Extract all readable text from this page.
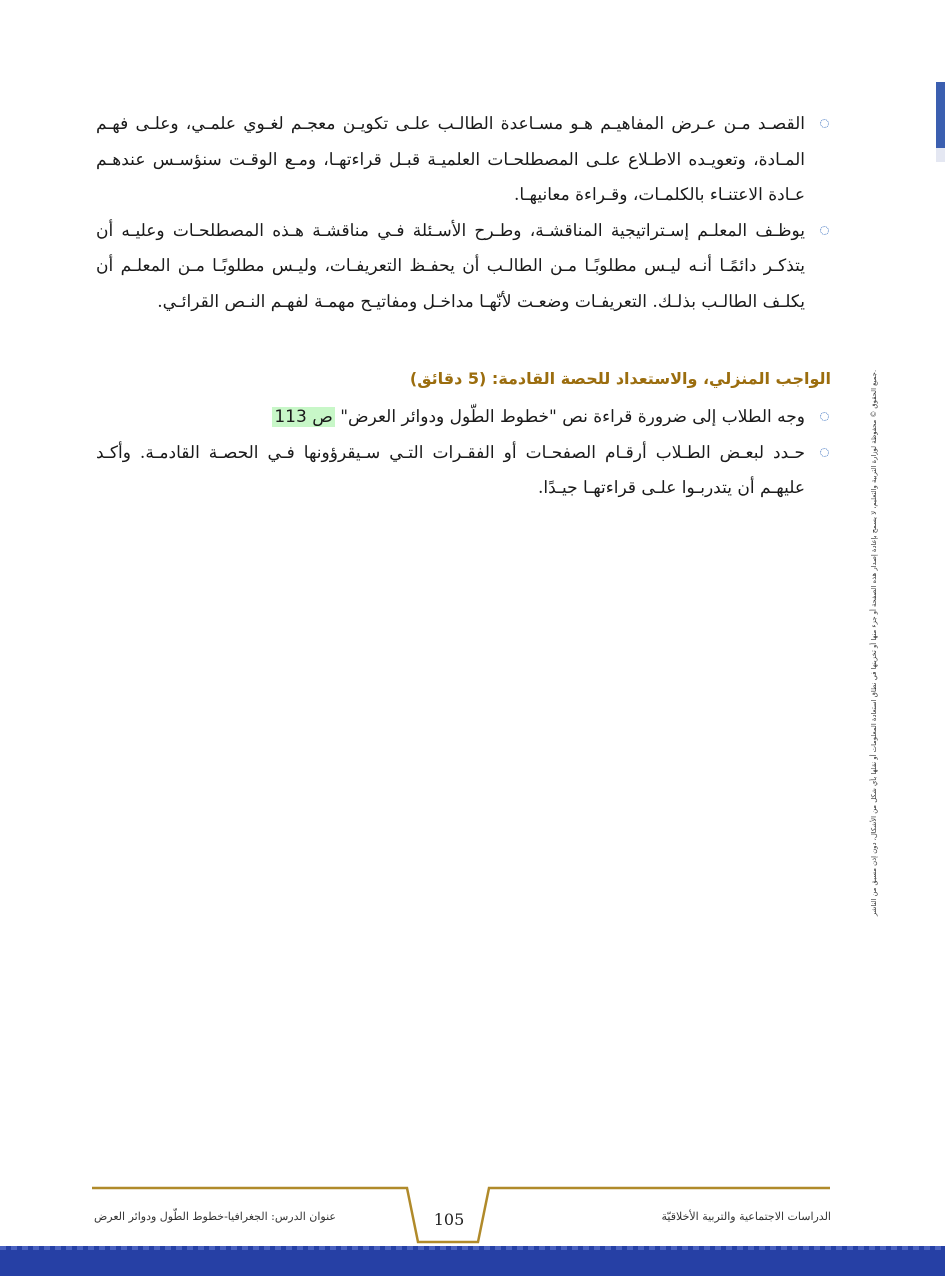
القصـد مـن عـرض المفاهيـم هـو مسـاعدة الطالـب علـى تكويـن معجـم لغـوي علمـي، وعلـى فهـم المـادة، وتعويـده الاطـلاع علـى المصطلحـات العلميـة قبـل قراءتهـا، ومـع الوقـت سنؤسـس عندهـم عـادة الاعتنـاء بالكلمـات، وقـراءة معانيهـا.
يوظـف المعلـم إسـتراتيجية المناقشـة، وطـرح الأسـئلة فـي مناقشـة هـذه المصطلحـات وعليـه أن يتذكـر دائمًـا أنـه ليـس مطلوبًـا مـن الطالـب أن يحفـظ التعريفـات، وليـس مطلوبًـا مـن المعلـم أن يكلـف الطالـب بذلـك. التعريفـات وضعـت لأنّهـا مداخـل ومفاتيـح مهمـة لفهـم النـص القرائـي.
الواجب المنزلي، والاستعداد للحصة القادمة: (5 دقائق)
وجه الطلاب إلى ضرورة قراءة نص "خطوط الطّول ودوائر العرض" ص 113
حـدد لبعـض الطـلاب أرقـام الصفحـات أو الفقـرات التـي سـيقرؤونها فـي الحصـة القادمـة. وأكـد عليهـم أن يتدربـوا علـى قراءتهـا جيـدًا.	جميع الحقوق © محفوظة لوزارة التربية والتعليم، لا يسمح بإعادة إصدار هذه الصفحة أو جزء منها أو تخزينها في نطاق استعادة المعلومات أو نقلها بأي شكل من الأشكال، دون إذن مسبق من الناشر.
عنوان الدرس: الجغرافيا-خطوط الطّول ودوائر العرض	105	الدراسات الاجتماعية والتربية الأخلاقيّة
